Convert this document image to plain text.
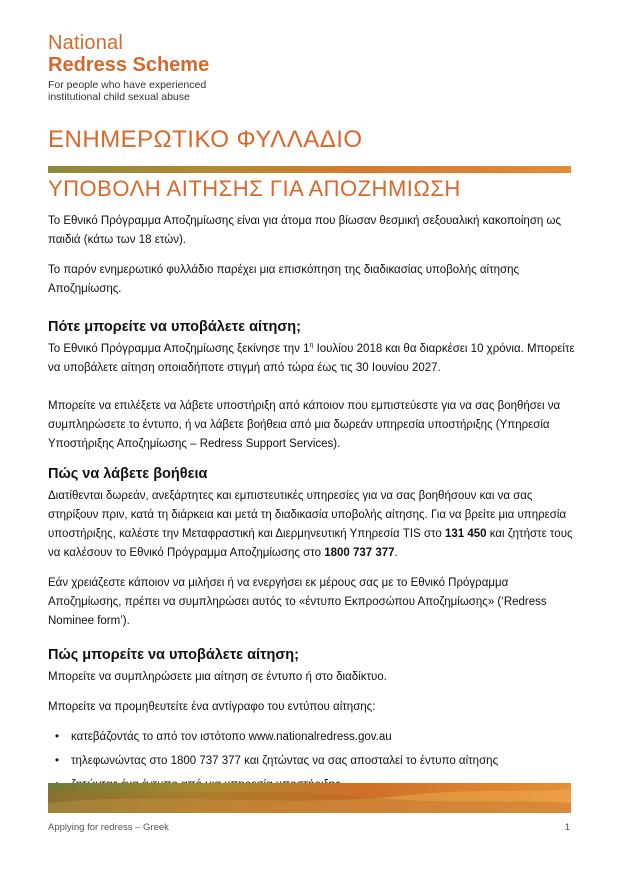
National
Redress Scheme
For people who have experienced
institutional child sexual abuse
ΕΝΗΜΕΡΩΤΙΚΟ ΦΥΛΛΑΔΙΟ
ΥΠΟΒΟΛΗ ΑΙΤΗΣΗΣ ΓΙΑ ΑΠΟΖΗΜΙΩΣΗ

Το Εθνικό Πρόγραμμα Αποζημίωσης είναι για άτομα που βίωσαν θεσμική σεξουαλική κακοποίηση ως παιδιά (κάτω των 18 ετών).

Το παρόν ενημερωτικό φυλλάδιο παρέχει μια επισκόπηση της διαδικασίας υποβολής αίτησης Αποζημίωσης.

Πότε μπορείτε να υποβάλετε αίτηση;

Το Εθνικό Πρόγραμμα Αποζημίωσης ξεκίνησε την $1^\eta$ Ιουλίου 2018 και θα διαρκέσει 10 χρόνια. Μπορείτε να υποβάλετε αίτηση οποιαδήποτε στιγμή από τώρα έως τις 30 Ιουνίου 2027.

Μπορείτε να επιλέξετε να λάβετε υποστήριξη από κάποιον που εμπιστεύεστε για να σας βοηθήσει να συμπληρώσετε το έντυπο, ή να λάβετε βοήθεια από μια δωρεάν υπηρεσία υποστήριξης (Υπηρεσία Υποστήριξης Αποζημίωσης – Redress Support Services).

Πώς να λάβετε βοήθεια

Διατίθενται δωρεάν, ανεξάρτητες και εμπιστευτικές υπηρεσίες για να σας βοηθήσουν και να σας στηρίξουν πριν, κατά τη διάρκεια και μετά τη διαδικασία υποβολής αίτησης. Για να βρείτε μια υπηρεσία υποστήριξης, καλέστε την Μεταφραστική και Διερμηνευτική Υπηρεσία TIS στο 131 450 και ζητήστε τους να καλέσουν το Εθνικό Πρόγραμμα Αποζημίωσης στο 1800 737 377.

Εάν χρειάζεστε κάποιον να μιλήσει ή να ενεργήσει εκ μέρους σας με το Εθνικό Πρόγραμμα Αποζημίωσης, πρέπει να συμπληρώσει αυτός το «έντυπο Εκπροσώπου Αποζημίωσης» (‘Redress Nominee form’).

Πώς μπορείτε να υποβάλετε αίτηση;

Μπορείτε να συμπληρώσετε μια αίτηση σε έντυπο ή στο διαδίκτυο.

Μπορείτε να προμηθευτείτε ένα αντίγραφο του εντύπου αίτησης:

• κατεβάζοντάς το από τον ιστότοπο www.nationalredress.gov.au
• τηλεφωνώντας στο 1800 737 377 και ζητώντας να σας αποσταλεί το έντυπο αίτησης
•
Applying for redress – Greek	1
